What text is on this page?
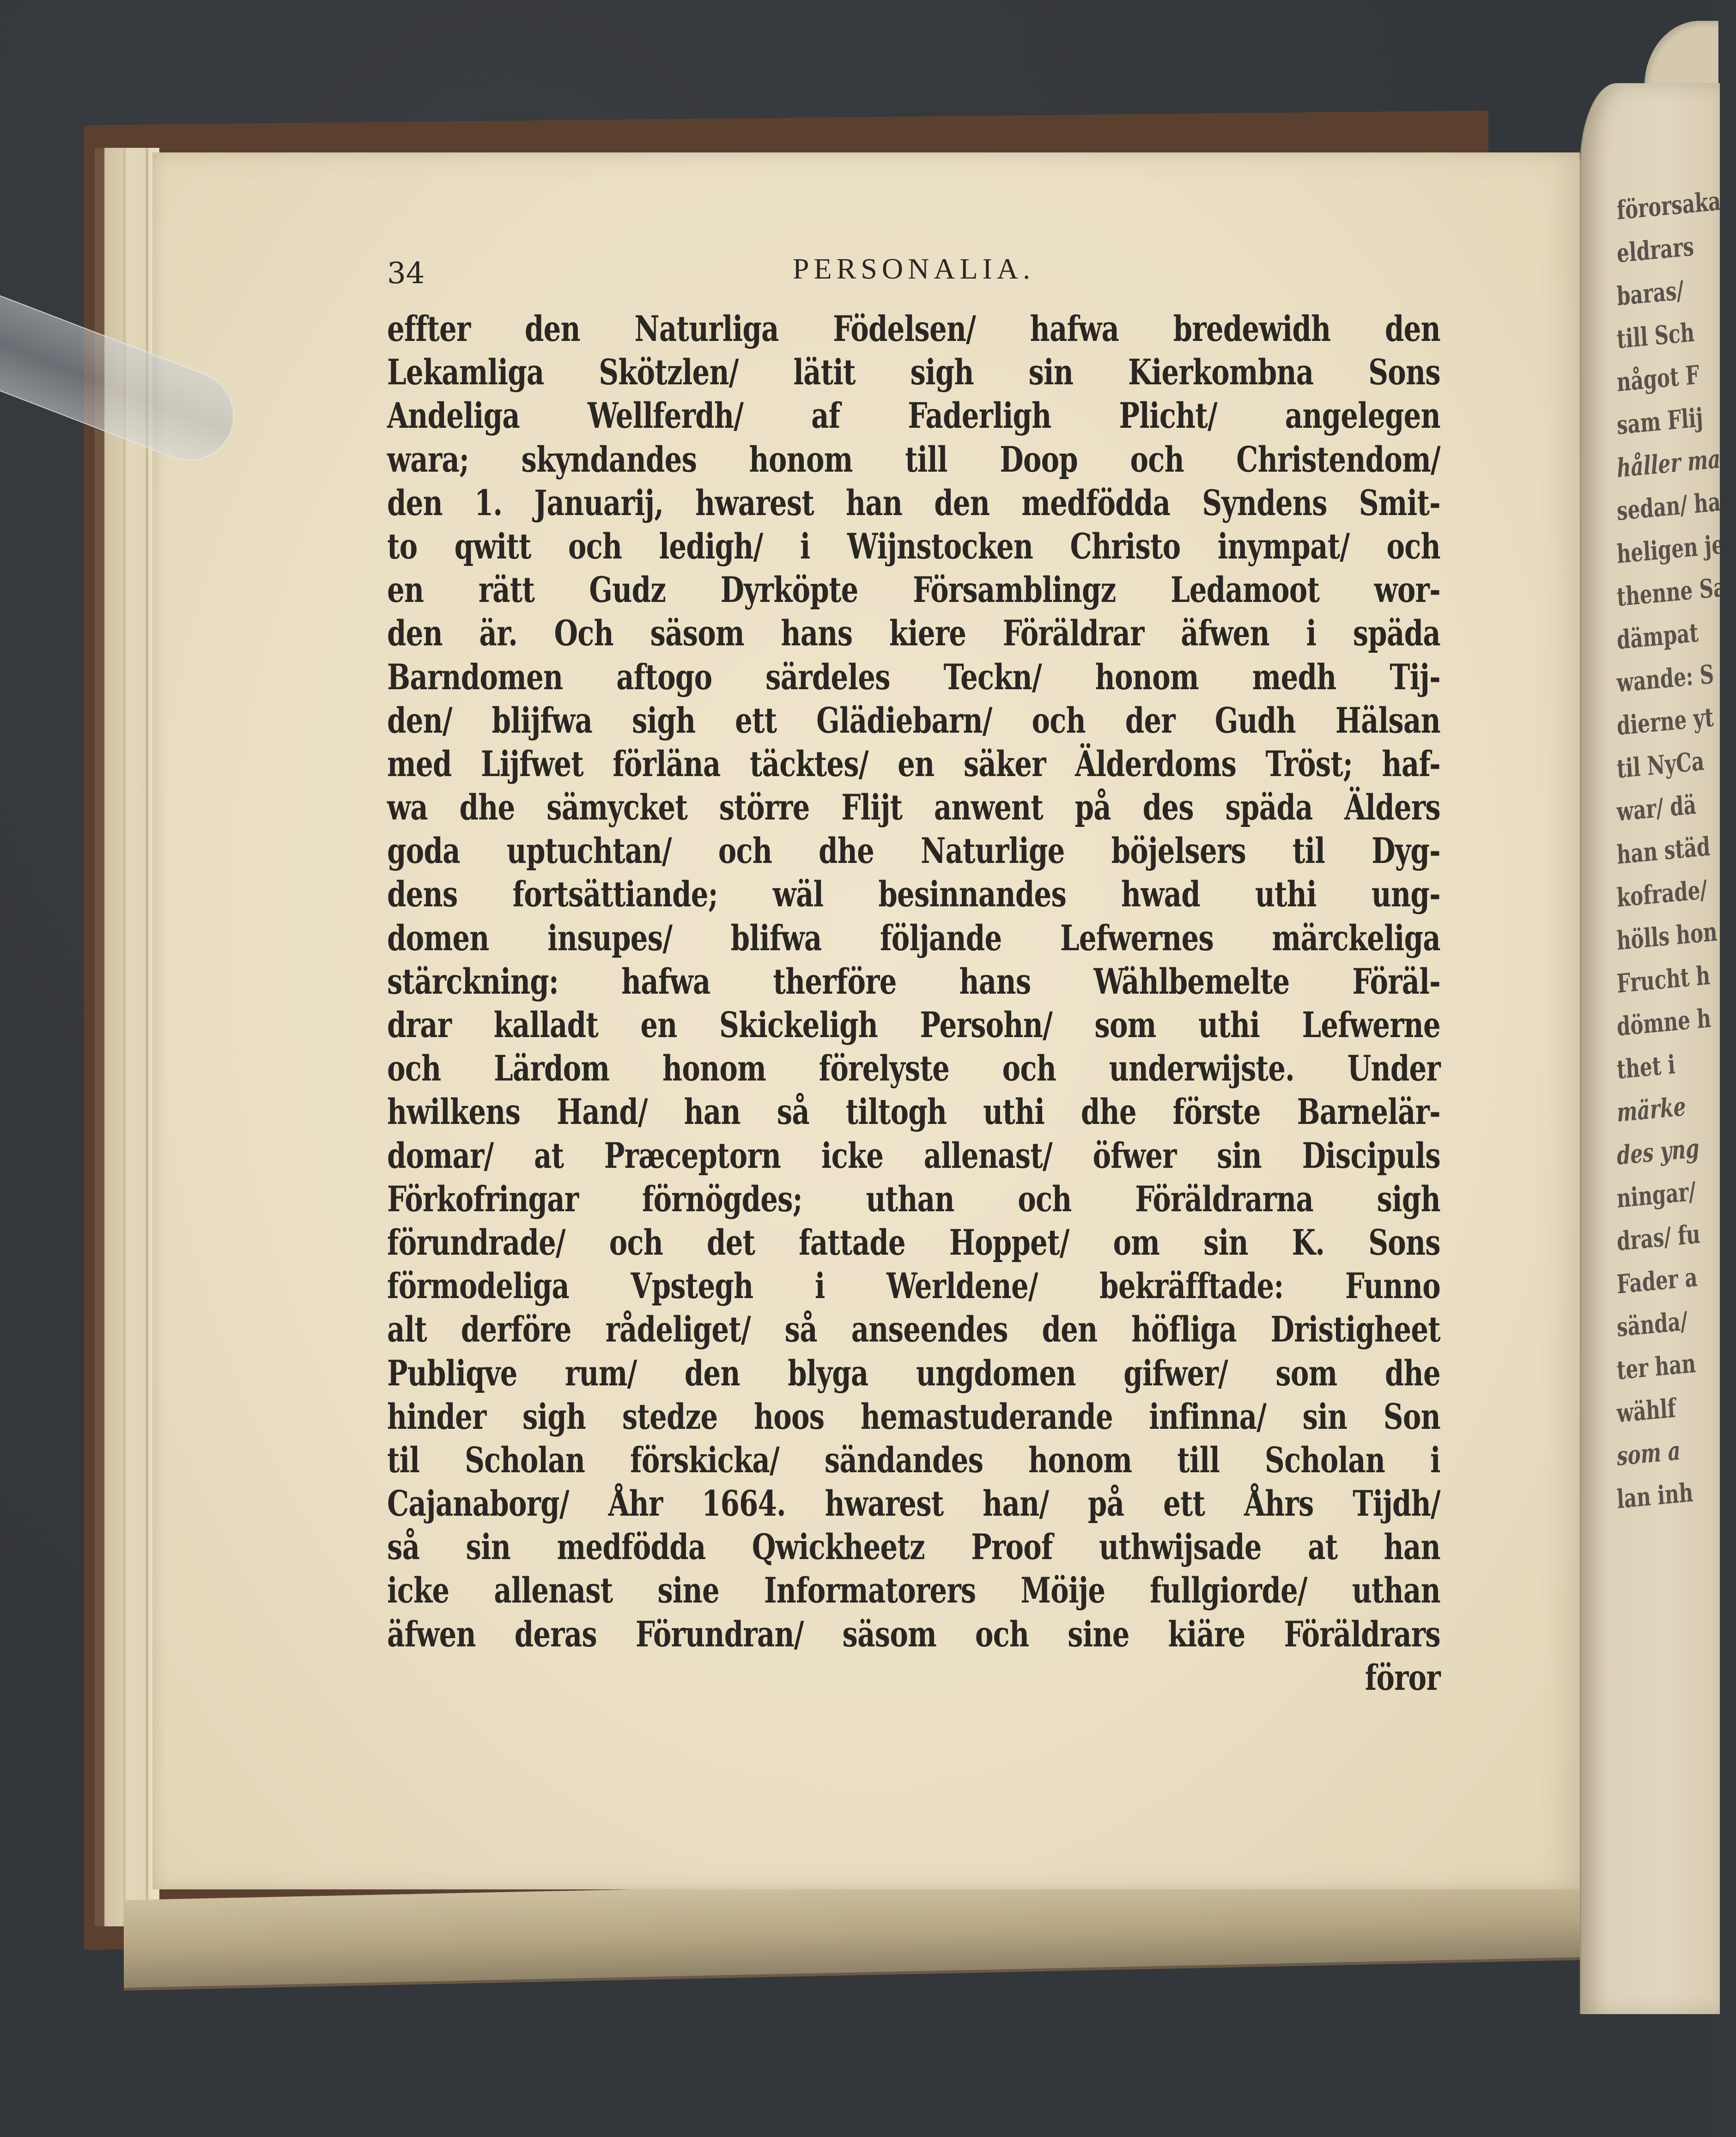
34	PERSONALIA.
effter den Naturliga Födelsen/ hafwa bredewidh den
Lekamliga Skötzlen/ lätit sigh sin Kierkombna Sons
Andeliga Wellferdh/ af Faderligh Plicht/ angelegen
wara; skyndandes honom till Doop och Christendom/
den 1. Januarij, hwarest han den medfödda Syndens Smit-
to qwitt och ledigh/ i Wijnstocken Christo inympat/ och
en rätt Gudz Dyrköpte Församblingz Ledamoot wor-
den är. Och säsom hans kiere Föräldrar äfwen i späda
Barndomen aftogo särdeles Teckn/ honom medh Tij-
den/ blijfwa sigh ett Glädiebarn/ och der Gudh Hälsan
med Lijfwet förläna täcktes/ en säker Älderdoms Tröst; haf-
wa dhe sämycket större Flijt anwent på des späda Älders
goda uptuchtan/ och dhe Naturlige böjelsers til Dyg-
dens fortsättiande; wäl besinnandes hwad uthi ung-
domen insupes/ blifwa följande Lefwernes märckeliga
stärckning: hafwa therföre hans Wählbemelte Föräl-
drar kalladt en Skickeligh Persohn/ som uthi Lefwerne
och Lärdom honom förelyste och underwijste. Under
hwilkens Hand/ han så tiltogh uthi dhe förste Barnelär-
domar/ at Præceptorn icke allenast/ öfwer sin Discipuls
Förkofringar förnögdes; uthan och Föräldrarna sigh
förundrade/ och det fattade Hoppet/ om sin K. Sons
förmodeliga Vpstegh i Werldene/ bekräfftade: Funno
alt derföre rådeliget/ så anseendes den höfliga Dristigheet
Publiqve rum/ den blyga ungdomen gifwer/ som dhe
hinder sigh stedze hoos hemastuderande infinna/ sin Son
til Scholan förskicka/ sändandes honom till Scholan i
Cajanaborg/ Åhr 1664. hwarest han/ på ett Åhrs Tijdh/
så sin medfödda Qwickheetz Proof uthwijsade at han
icke allenast sine Informatorers Möije fullgiorde/ uthan
äfwen deras Förundran/ säsom och sine kiäre Föräldrars
föror
förorsaka
eldrars
baras/
till Sch
något F
sam Flij
håller ma
sedan/ han
heligen je
thenne Sa
dämpat
wande: S
dierne yt
til NyCa
war/ dä
han städ
kofrade/
hölls hon
Frucht h
dömne h
thet i
märke
des yng
ningar/
dras/ fu
Fader a
sända/
ter han
wählf
som a
lan inh
